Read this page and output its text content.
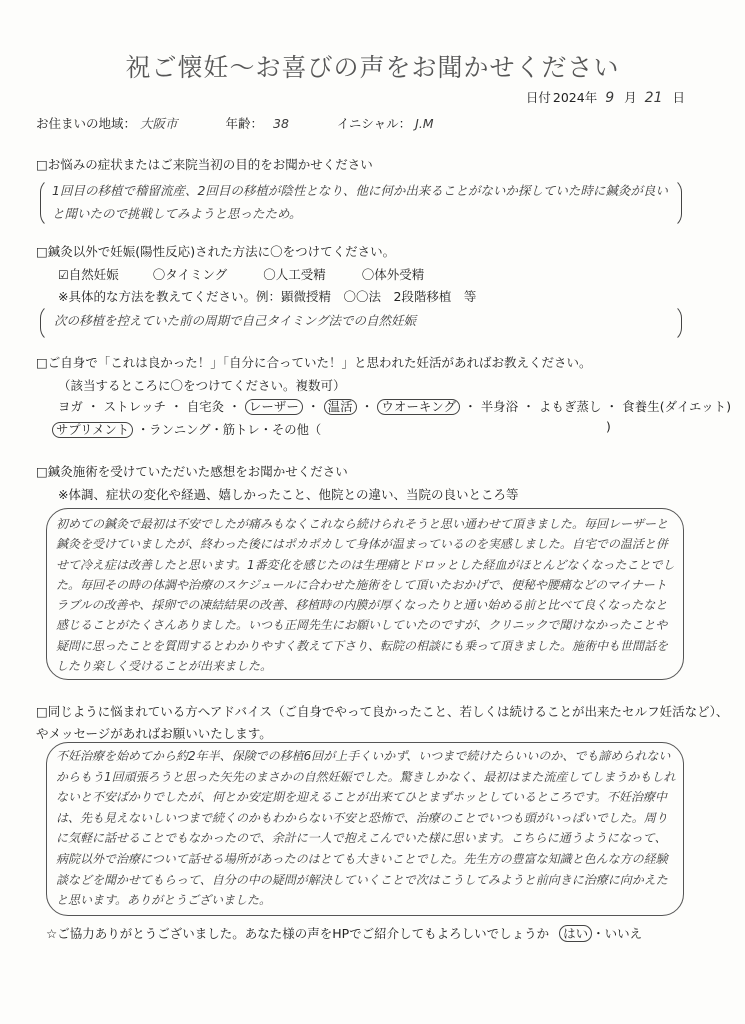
祝ご懐妊〜お喜びの声をお聞かせください
日付 2024年 9 月 21 日
お住まいの地域： 大阪市	年齢： 38	イニシャル： J.M
□お悩みの症状またはご来院当初の目的をお聞かせください
1回目の移植で稽留流産、2回目の移植が陰性となり、他に何か出来ることがないか探していた時に鍼灸が良いと聞いたので挑戦してみようと思ったため。
□鍼灸以外で妊娠(陽性反応)された方法に〇をつけてください。
☑自然妊娠	〇タイミング	〇人工受精	〇体外受精
※具体的な方法を教えてください。例：顕微授精　〇〇法　2段階移植　等
次の移植を控えていた前の周期で自己タイミング法での自然妊娠
□ご自身で「これは良かった！」「自分に合っていた！」と思われた妊活があればお教えください。
（該当するところに〇をつけてください。複数可）
ヨガ ・ ストレッチ ・ 自宅灸 ・ レーザー ・ 温活 ・ ウオーキング ・ 半身浴 ・ よもぎ蒸し ・ 食養生(ダイエット)
サプリメント ・ランニング・筋トレ・その他（	)
□鍼灸施術を受けていただいた感想をお聞かせください
※体調、症状の変化や経過、嬉しかったこと、他院との違い、当院の良いところ等
初めての鍼灸で最初は不安でしたが痛みもなくこれなら続けられそうと思い通わせて頂きました。毎回レーザーと鍼灸を受けていましたが、終わった後にはポカポカして身体が温まっているのを実感しました。自宅での温活と併せて冷え症は改善したと思います。1番変化を感じたのは生理痛とドロッとした経血がほとんどなくなったことでした。毎回その時の体調や治療のスケジュールに合わせた施術をして頂いたおかげで、便秘や腰痛などのマイナートラブルの改善や、採卵での凍結結果の改善、移植時の内膜が厚くなったりと通い始める前と比べて良くなったなと感じることがたくさんありました。いつも正岡先生にお願いしていたのですが、クリニックで聞けなかったことや疑問に思ったことを質問するとわかりやすく教えて下さり、転院の相談にも乗って頂きました。施術中も世間話をしたり楽しく受けることが出来ました。
□同じように悩まれている方へアドバイス（ご自身でやって良かったこと、若しくは続けることが出来たセルフ妊活など）、
やメッセージがあればお願いいたします。
不妊治療を始めてから約2年半、保険での移植6回が上手くいかず、いつまで続けたらいいのか、でも諦められないからもう1回頑張ろうと思った矢先のまさかの自然妊娠でした。驚きしかなく、最初はまた流産してしまうかもしれないと不安ばかりでしたが、何とか安定期を迎えることが出来てひとまずホッとしているところです。不妊治療中は、先も見えないしいつまで続くのかもわからない不安と恐怖で、治療のことでいつも頭がいっぱいでした。周りに気軽に話せることでもなかったので、余計に一人で抱えこんでいた様に思います。こちらに通うようになって、病院以外で治療について話せる場所があったのはとても大きいことでした。先生方の豊富な知識と色んな方の経験談などを聞かせてもらって、自分の中の疑問が解決していくことで次はこうしてみようと前向きに治療に向かえたと思います。ありがとうございました。
☆ご協力ありがとうございました。あなた様の声をHPでご紹介してもよろしいでしょうか はい ・いいえ
